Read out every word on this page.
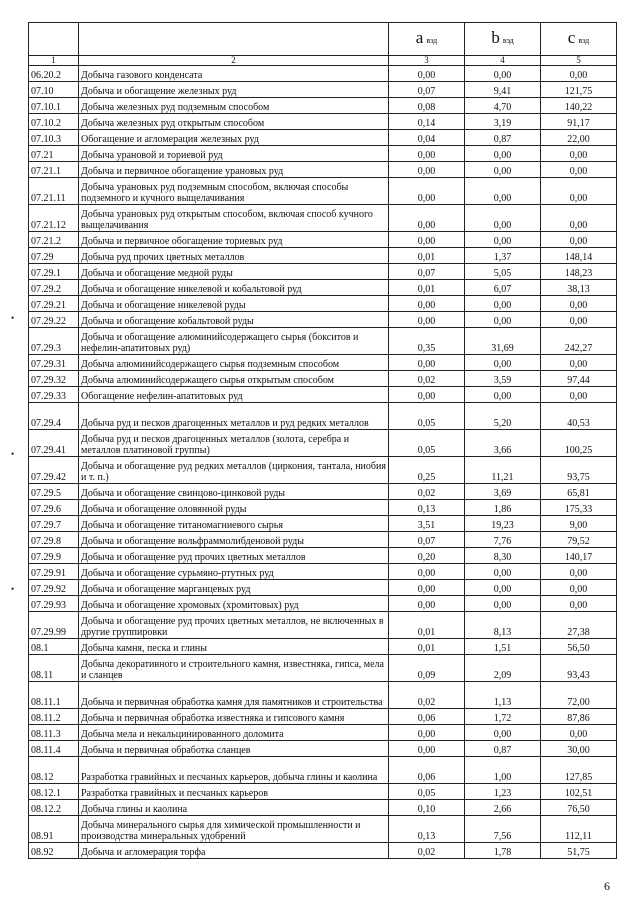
		a вэд	b вэд	c вэд
1	2	3	4	5
06.20.2	Добыча газового конденсата	0,00	0,00	0,00
07.10	Добыча и обогащение железных руд	0,07	9,41	121,75
07.10.1	Добыча железных руд подземным способом	0,08	4,70	140,22
07.10.2	Добыча железных руд открытым способом	0,14	3,19	91,17
07.10.3	Обогащение и агломерация железных руд	0,04	0,87	22,00
07.21	Добыча урановой и ториевой руд	0,00	0,00	0,00
07.21.1	Добыча и первичное обогащение урановых руд	0,00	0,00	0,00
07.21.11	Добыча урановых руд подземным способом, включая способы подземного и кучного выщелачивания	0,00	0,00	0,00
07.21.12	Добыча урановых руд открытым способом, включая способ кучного выщелачивания	0,00	0,00	0,00
07.21.2	Добыча и первичное обогащение ториевых руд	0,00	0,00	0,00
07.29	Добыча руд прочих цветных металлов	0,01	1,37	148,14
07.29.1	Добыча и обогащение медной руды	0,07	5,05	148,23
07.29.2	Добыча и обогащение никелевой и кобальтовой руд	0,01	6,07	38,13
07.29.21	Добыча и обогащение никелевой руды	0,00	0,00	0,00
07.29.22	Добыча и обогащение кобальтовой руды	0,00	0,00	0,00
07.29.3	Добыча и обогащение алюминийсодержащего сырья (бокситов и нефелин-апатитовых руд)	0,35	31,69	242,27
07.29.31	Добыча алюминийсодержащего сырья подземным способом	0,00	0,00	0,00
07.29.32	Добыча алюминийсодержащего сырья открытым способом	0,02	3,59	97,44
07.29.33	Обогащение нефелин-апатитовых руд	0,00	0,00	0,00
07.29.4	Добыча руд и песков драгоценных металлов и руд редких металлов	0,05	5,20	40,53
07.29.41	Добыча руд и песков драгоценных металлов (золота, серебра и металлов платиновой группы)	0,05	3,66	100,25
07.29.42	Добыча и обогащение руд редких металлов (циркония, тантала, ниобия и т. п.)	0,25	11,21	93,75
07.29.5	Добыча и обогащение свинцово-цинковой руды	0,02	3,69	65,81
07.29.6	Добыча и обогащение оловянной руды	0,13	1,86	175,33
07.29.7	Добыча и обогащение титаномагниевого сырья	3,51	19,23	9,00
07.29.8	Добыча и обогащение вольфраммолибденовой руды	0,07	7,76	79,52
07.29.9	Добыча и обогащение руд прочих цветных металлов	0,20	8,30	140,17
07.29.91	Добыча и обогащение сурьмяно-ртутных руд	0,00	0,00	0,00
07.29.92	Добыча и обогащение марганцевых руд	0,00	0,00	0,00
07.29.93	Добыча и обогащение хромовых (хромитовых) руд	0,00	0,00	0,00
07.29.99	Добыча и обогащение руд прочих цветных металлов, не включенных в другие группировки	0,01	8,13	27,38
08.1	Добыча камня, песка и глины	0,01	1,51	56,50
08.11	Добыча декоративного и строительного камня, известняка, гипса, мела и сланцев	0,09	2,09	93,43
08.11.1	Добыча и первичная обработка камня для памятников и строительства	0,02	1,13	72,00
08.11.2	Добыча и первичная обработка известняка и гипсового камня	0,06	1,72	87,86
08.11.3	Добыча мела и некальцинированного доломита	0,00	0,00	0,00
08.11.4	Добыча и первичная обработка сланцев	0,00	0,87	30,00
08.12	Разработка гравийных и песчаных карьеров, добыча глины и каолина	0,06	1,00	127,85
08.12.1	Разработка гравийных и песчаных карьеров	0,05	1,23	102,51
08.12.2	Добыча глины и каолина	0,10	2,66	76,50
08.91	Добыча минерального сырья для химической промышленности и производства минеральных удобрений	0,13	7,56	112,11
08.92	Добыча и агломерация торфа	0,02	1,78	51,75
•
•
•
6
